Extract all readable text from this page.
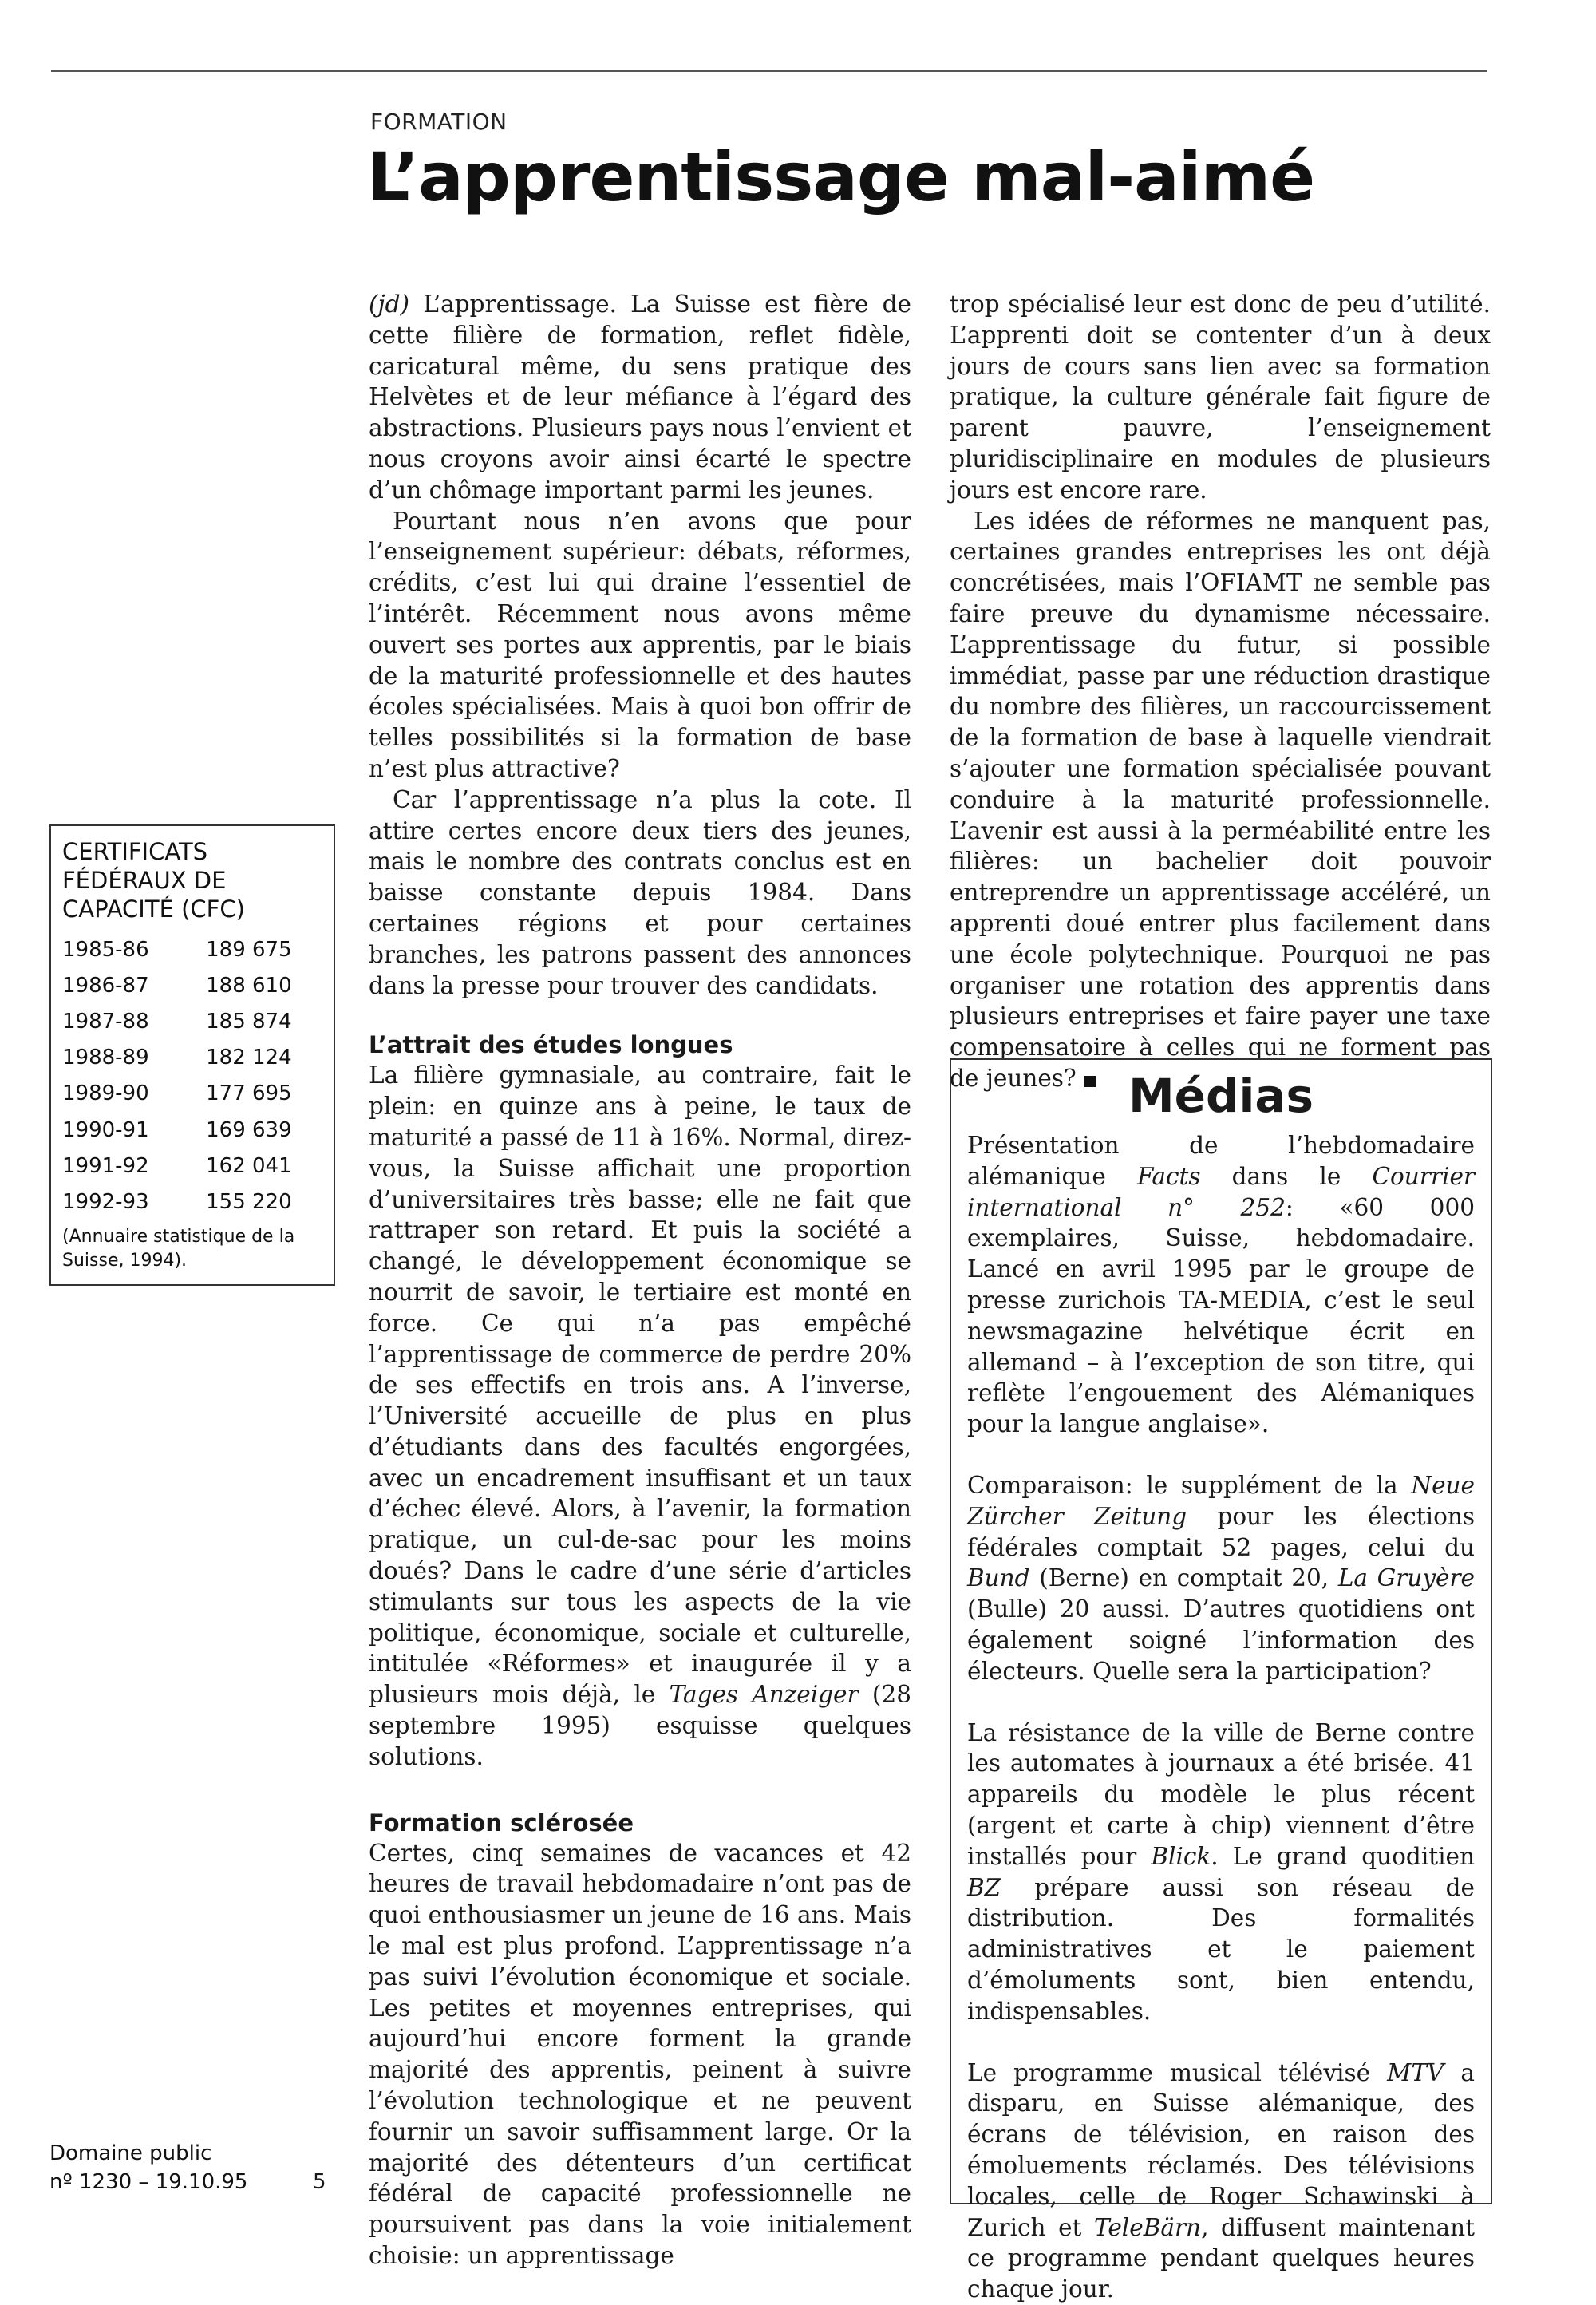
FORMATION
L’apprentissage mal-aimé

(jd) L’apprentissage. La Suisse est fière de cette filière de formation, reflet fidèle, caricatural même, du sens pratique des Helvètes et de leur méfiance à l’égard des abstractions. Plusieurs pays nous l’envient et nous croyons avoir ainsi écarté le spectre d’un chômage important parmi les jeunes.

Pourtant nous n’en avons que pour l’enseignement supérieur: débats, réformes, crédits, c’est lui qui draine l’essentiel de l’intérêt. Récemment nous avons même ouvert ses portes aux apprentis, par le biais de la maturité professionnelle et des hautes écoles spécialisées. Mais à quoi bon offrir de telles possibilités si la formation de base n’est plus attractive?

Car l’apprentissage n’a plus la cote. Il attire certes encore deux tiers des jeunes, mais le nombre des contrats conclus est en baisse constante depuis 1984. Dans certaines régions et pour certaines branches, les patrons passent des annonces dans la presse pour trouver des candidats.

L’attrait des études longues

La filière gymnasiale, au contraire, fait le plein: en quinze ans à peine, le taux de maturité a passé de 11 à 16%. Normal, direz-vous, la Suisse affichait une proportion d’universitaires très basse; elle ne fait que rattraper son retard. Et puis la société a changé, le développement économique se nourrit de savoir, le tertiaire est monté en force. Ce qui n’a pas empêché l’apprentissage de commerce de perdre 20% de ses effectifs en trois ans. A l’inverse, l’Université accueille de plus en plus d’étudiants dans des facultés engorgées, avec un encadrement insuffisant et un taux d’échec élevé. Alors, à l’avenir, la formation pratique, un cul-de-sac pour les moins doués? Dans le cadre d’une série d’articles stimulants sur tous les aspects de la vie politique, économique, sociale et culturelle, intitulée «Réformes» et inaugurée il y a plusieurs mois déjà, le Tages Anzeiger (28 septembre 1995) esquisse quelques solutions.

Formation sclérosée

Certes, cinq semaines de vacances et 42 heures de travail hebdomadaire n’ont pas de quoi enthousiasmer un jeune de 16 ans. Mais le mal est plus profond. L’apprentissage n’a pas suivi l’évolution économique et sociale. Les petites et moyennes entreprises, qui aujourd’hui encore forment la grande majorité des apprentis, peinent à suivre l’évolution technologique et ne peuvent fournir un savoir suffisamment large. Or la majorité des détenteurs d’un certificat fédéral de capacité professionnelle ne poursuivent pas dans la voie initialement choisie: un apprentissage

trop spécialisé leur est donc de peu d’utilité. L’apprenti doit se contenter d’un à deux jours de cours sans lien avec sa formation pratique, la culture générale fait figure de parent pauvre, l’enseignement pluridisciplinaire en modules de plusieurs jours est encore rare.

Les idées de réformes ne manquent pas, certaines grandes entreprises les ont déjà concrétisées, mais l’OFIAMT ne semble pas faire preuve du dynamisme nécessaire. L’apprentissage du futur, si possible immédiat, passe par une réduction drastique du nombre des filières, un raccourcissement de la formation de base à laquelle viendrait s’ajouter une formation spécialisée pouvant conduire à la maturité professionnelle. L’avenir est aussi à la perméabilité entre les filières: un bachelier doit pouvoir entreprendre un apprentissage accéléré, un apprenti doué entrer plus facilement dans une école polytechnique. Pourquoi ne pas organiser une rotation des apprentis dans plusieurs entreprises et faire payer une taxe compensatoire à celles qui ne forment pas de jeunes?

CERTIFICATS
FÉDÉRAUX DE
CAPACITÉ (CFC)
1985-86	189 675
1986-87	188 610
1987-88	185 874
1988-89	182 124
1989-90	177 695
1990-91	169 639
1991-92	162 041
1992-93	155 220
(Annuaire statistique de la Suisse, 1994).
Médias

Présentation de l’hebdomadaire alémanique Facts dans le Courrier international n° 252: «60 000 exemplaires, Suisse, hebdomadaire. Lancé en avril 1995 par le groupe de presse zurichois TA-MEDIA, c’est le seul newsmagazine helvétique écrit en allemand – à l’exception de son titre, qui reflète l’engouement des Alémaniques pour la langue anglaise».

Comparaison: le supplément de la Neue Zürcher Zeitung pour les élections fédérales comptait 52 pages, celui du Bund (Berne) en comptait 20, La Gruyère (Bulle) 20 aussi. D’autres quotidiens ont également soigné l’information des électeurs. Quelle sera la participation?

La résistance de la ville de Berne contre les automates à journaux a été brisée. 41 appareils du modèle le plus récent (argent et carte à chip) viennent d’être installés pour Blick. Le grand quoditien BZ prépare aussi son réseau de distribution. Des formalités administratives et le paiement d’émoluments sont, bien entendu, indispensables.

Le programme musical télévisé MTV a disparu, en Suisse alémanique, des écrans de télévision, en raison des émoluements réclamés. Des télévisions locales, celle de Roger Schawinski à Zurich et TeleBärn, diffusent maintenant ce programme pendant quelques heures chaque jour.

Domaine public
nº 1230 – 19.10.95	5
